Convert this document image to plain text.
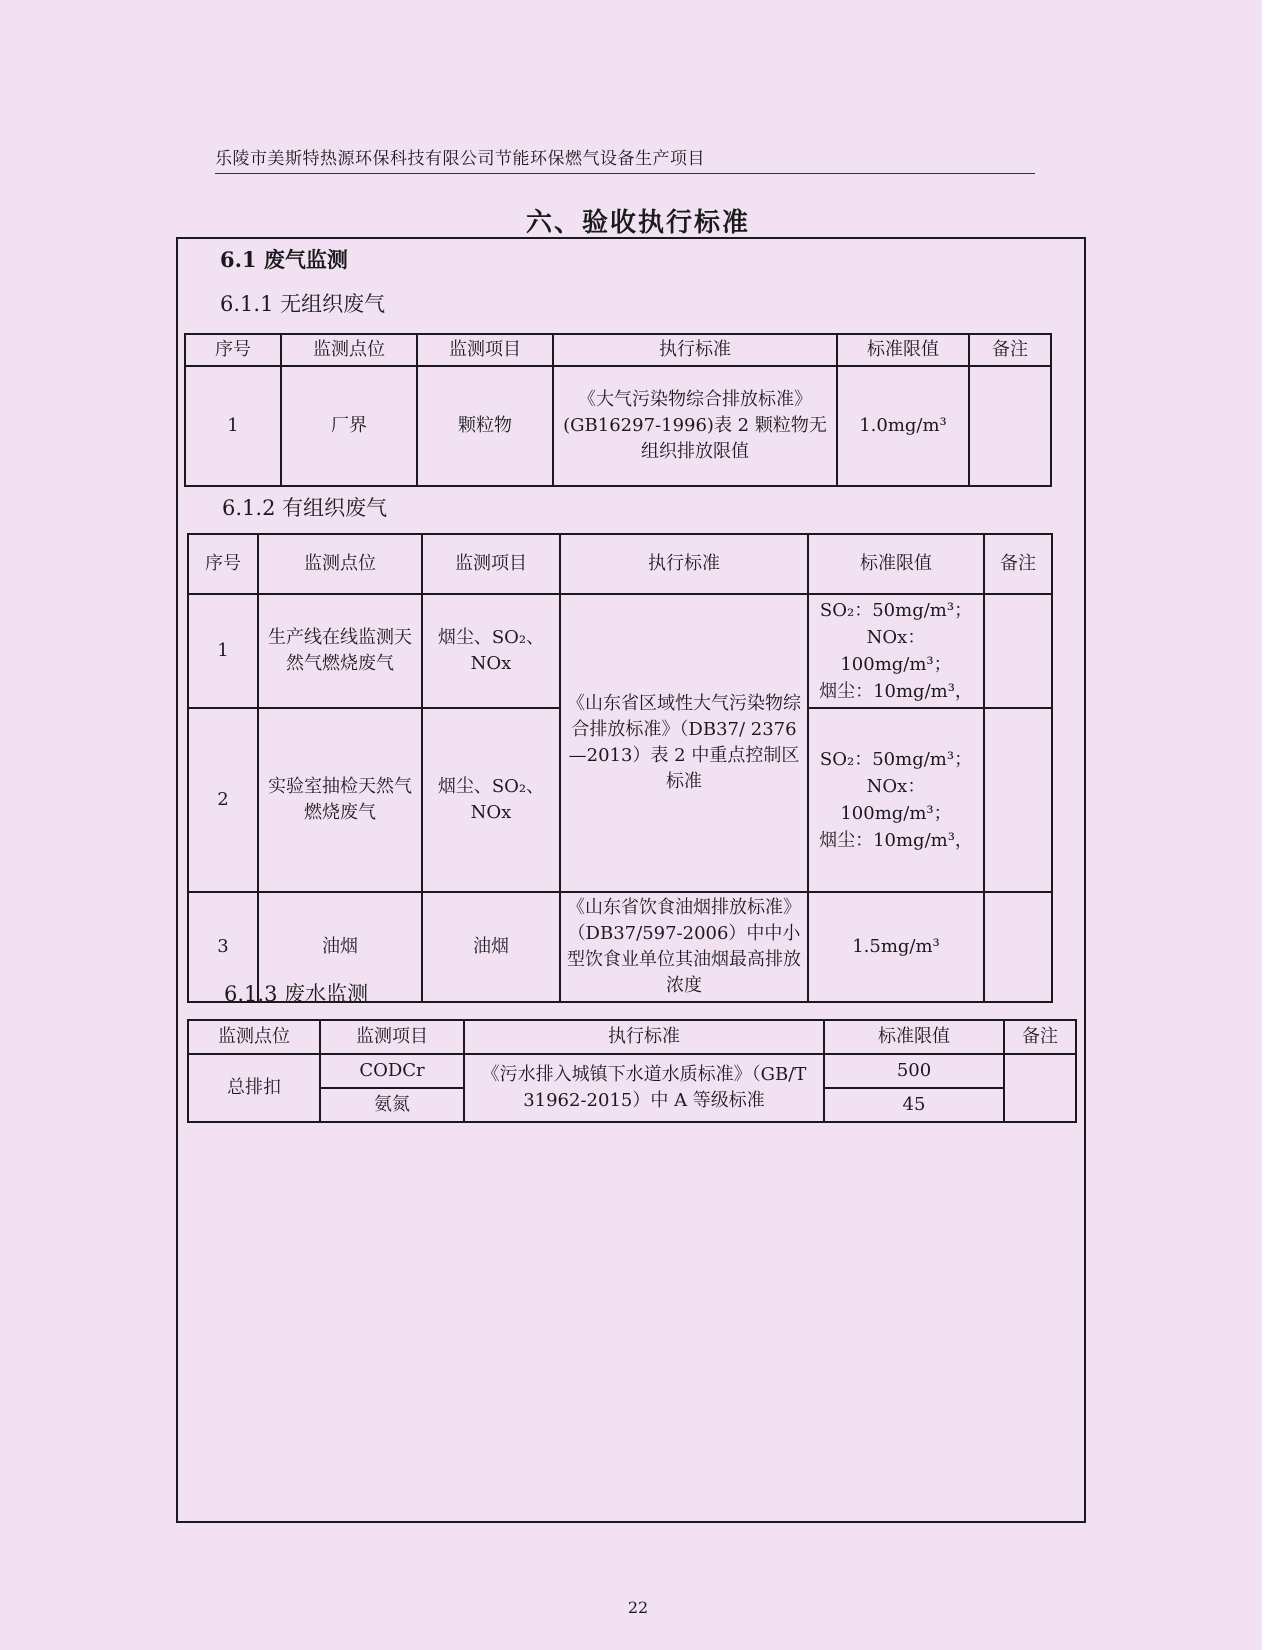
乐陵市美斯特热源环保科技有限公司节能环保燃气设备生产项目
六、验收执行标准
6.1 废气监测
6.1.1 无组织废气
序号	监测点位	监测项目	执行标准	标准限值	备注
1	厂界	颗粒物	《大气污染物综合排放标准》(GB16297-1996)表 2 颗粒物无组织排放限值	1.0mg/m³	
6.1.2 有组织废气
序号	监测点位	监测项目	执行标准	标准限值	备注
1	生产线在线监测天然气燃烧废气	烟尘、SO₂、NOx	《山东省区域性大气污染物综合排放标准》（DB37/ 2376—2013）表 2 中重点控制区标准	SO₂：50mg/m³；
NOx：100mg/m³；
烟尘：10mg/m³，	

2	实验室抽检天然气燃烧废气	烟尘、SO₂、NOx		SO₂：50mg/m³；
NOx：100mg/m³；
烟尘：10mg/m³，	

3	油烟	油烟	《山东省饮食油烟排放标准》（DB37/597-2006）中中小型饮食业单位其油烟最高排放浓度	1.5mg/m³	
6.1.3 废水监测
监测点位	监测项目	执行标准	标准限值	备注
总排扣	CODCr	《污水排入城镇下水道水质标准》（GB/T 31962-2015）中 A 等级标准	500	
	氨氮		45	
22
